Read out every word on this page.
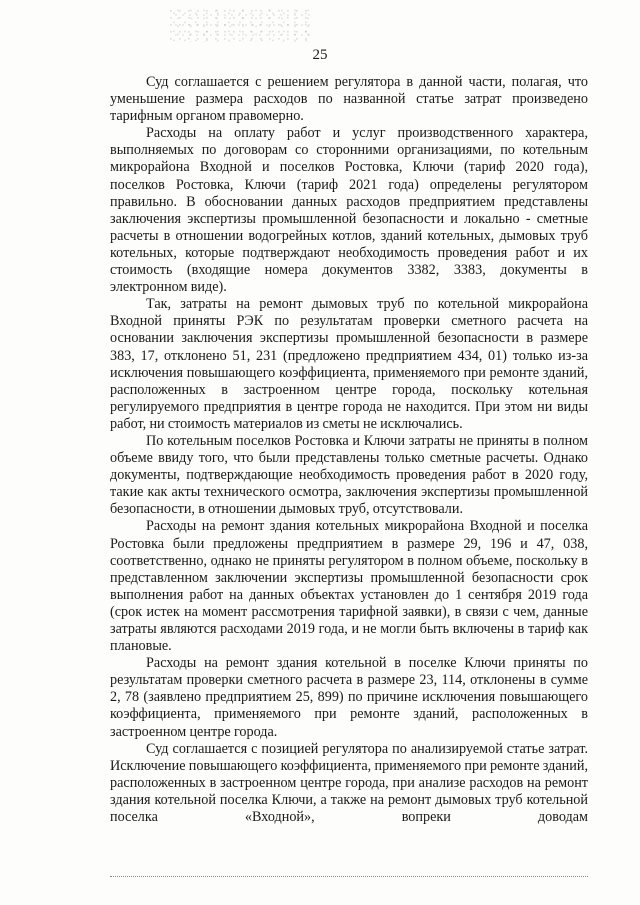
25

Суд соглашается с решением регулятора в данной части, полагая, что уменьшение размера расходов по названной статье затрат произведено тарифным органом правомерно.

Расходы на оплату работ и услуг производственного характера, выполняемых по договорам со сторонними организациями, по котельным микрорайона Входной и поселков Ростовка, Ключи (тариф 2020 года), поселков Ростовка, Ключи (тариф 2021 года) определены регулятором правильно. В обосновании данных расходов предприятием представлены заключения экспертизы промышленной безопасности и локально - сметные расчеты в отношении водогрейных котлов, зданий котельных, дымовых труб котельных, которые подтверждают необходимость проведения работ и их стоимость (входящие номера документов 3382, 3383, документы в электронном виде).

Так, затраты на ремонт дымовых труб по котельной микрорайона Входной приняты РЭК по результатам проверки сметного расчета на основании заключения экспертизы промышленной безопасности в размере 383, 17, отклонено 51, 231 (предложено предприятием 434, 01) только из-за исключения повышающего коэффициента, применяемого при ремонте зданий, расположенных в застроенном центре города, поскольку котельная регулируемого предприятия в центре города не находится. При этом ни виды работ, ни стоимость материалов из сметы не исключались.

По котельным поселков Ростовка и Ключи затраты не приняты в полном объеме ввиду того, что были представлены только сметные расчеты. Однако документы, подтверждающие необходимость проведения работ в 2020 году, такие как акты технического осмотра, заключения экспертизы промышленной безопасности, в отношении дымовых труб, отсутствовали.

Расходы на ремонт здания котельных микрорайона Входной и поселка Ростовка были предложены предприятием в размере 29, 196 и 47, 038, соответственно, однако не приняты регулятором в полном объеме, поскольку в представленном заключении экспертизы промышленной безопасности срок выполнения работ на данных объектах установлен до 1 сентября 2019 года (срок истек на момент рассмотрения тарифной заявки), в связи с чем, данные затраты являются расходами 2019 года, и не могли быть включены в тариф как плановые.

Расходы на ремонт здания котельной в поселке Ключи приняты по результатам проверки сметного расчета в размере 23, 114, отклонены в сумме 2, 78 (заявлено предприятием 25, 899) по причине исключения повышающего коэффициента, применяемого при ремонте зданий, расположенных в застроенном центре города.

Суд соглашается с позицией регулятора по анализируемой статье затрат. Исключение повышающего коэффициента, применяемого при ремонте зданий, расположенных в застроенном центре города, при анализе расходов на ремонт здания котельной поселка Ключи, а также на ремонт дымовых труб котельной поселка «Входной», вопреки доводам
